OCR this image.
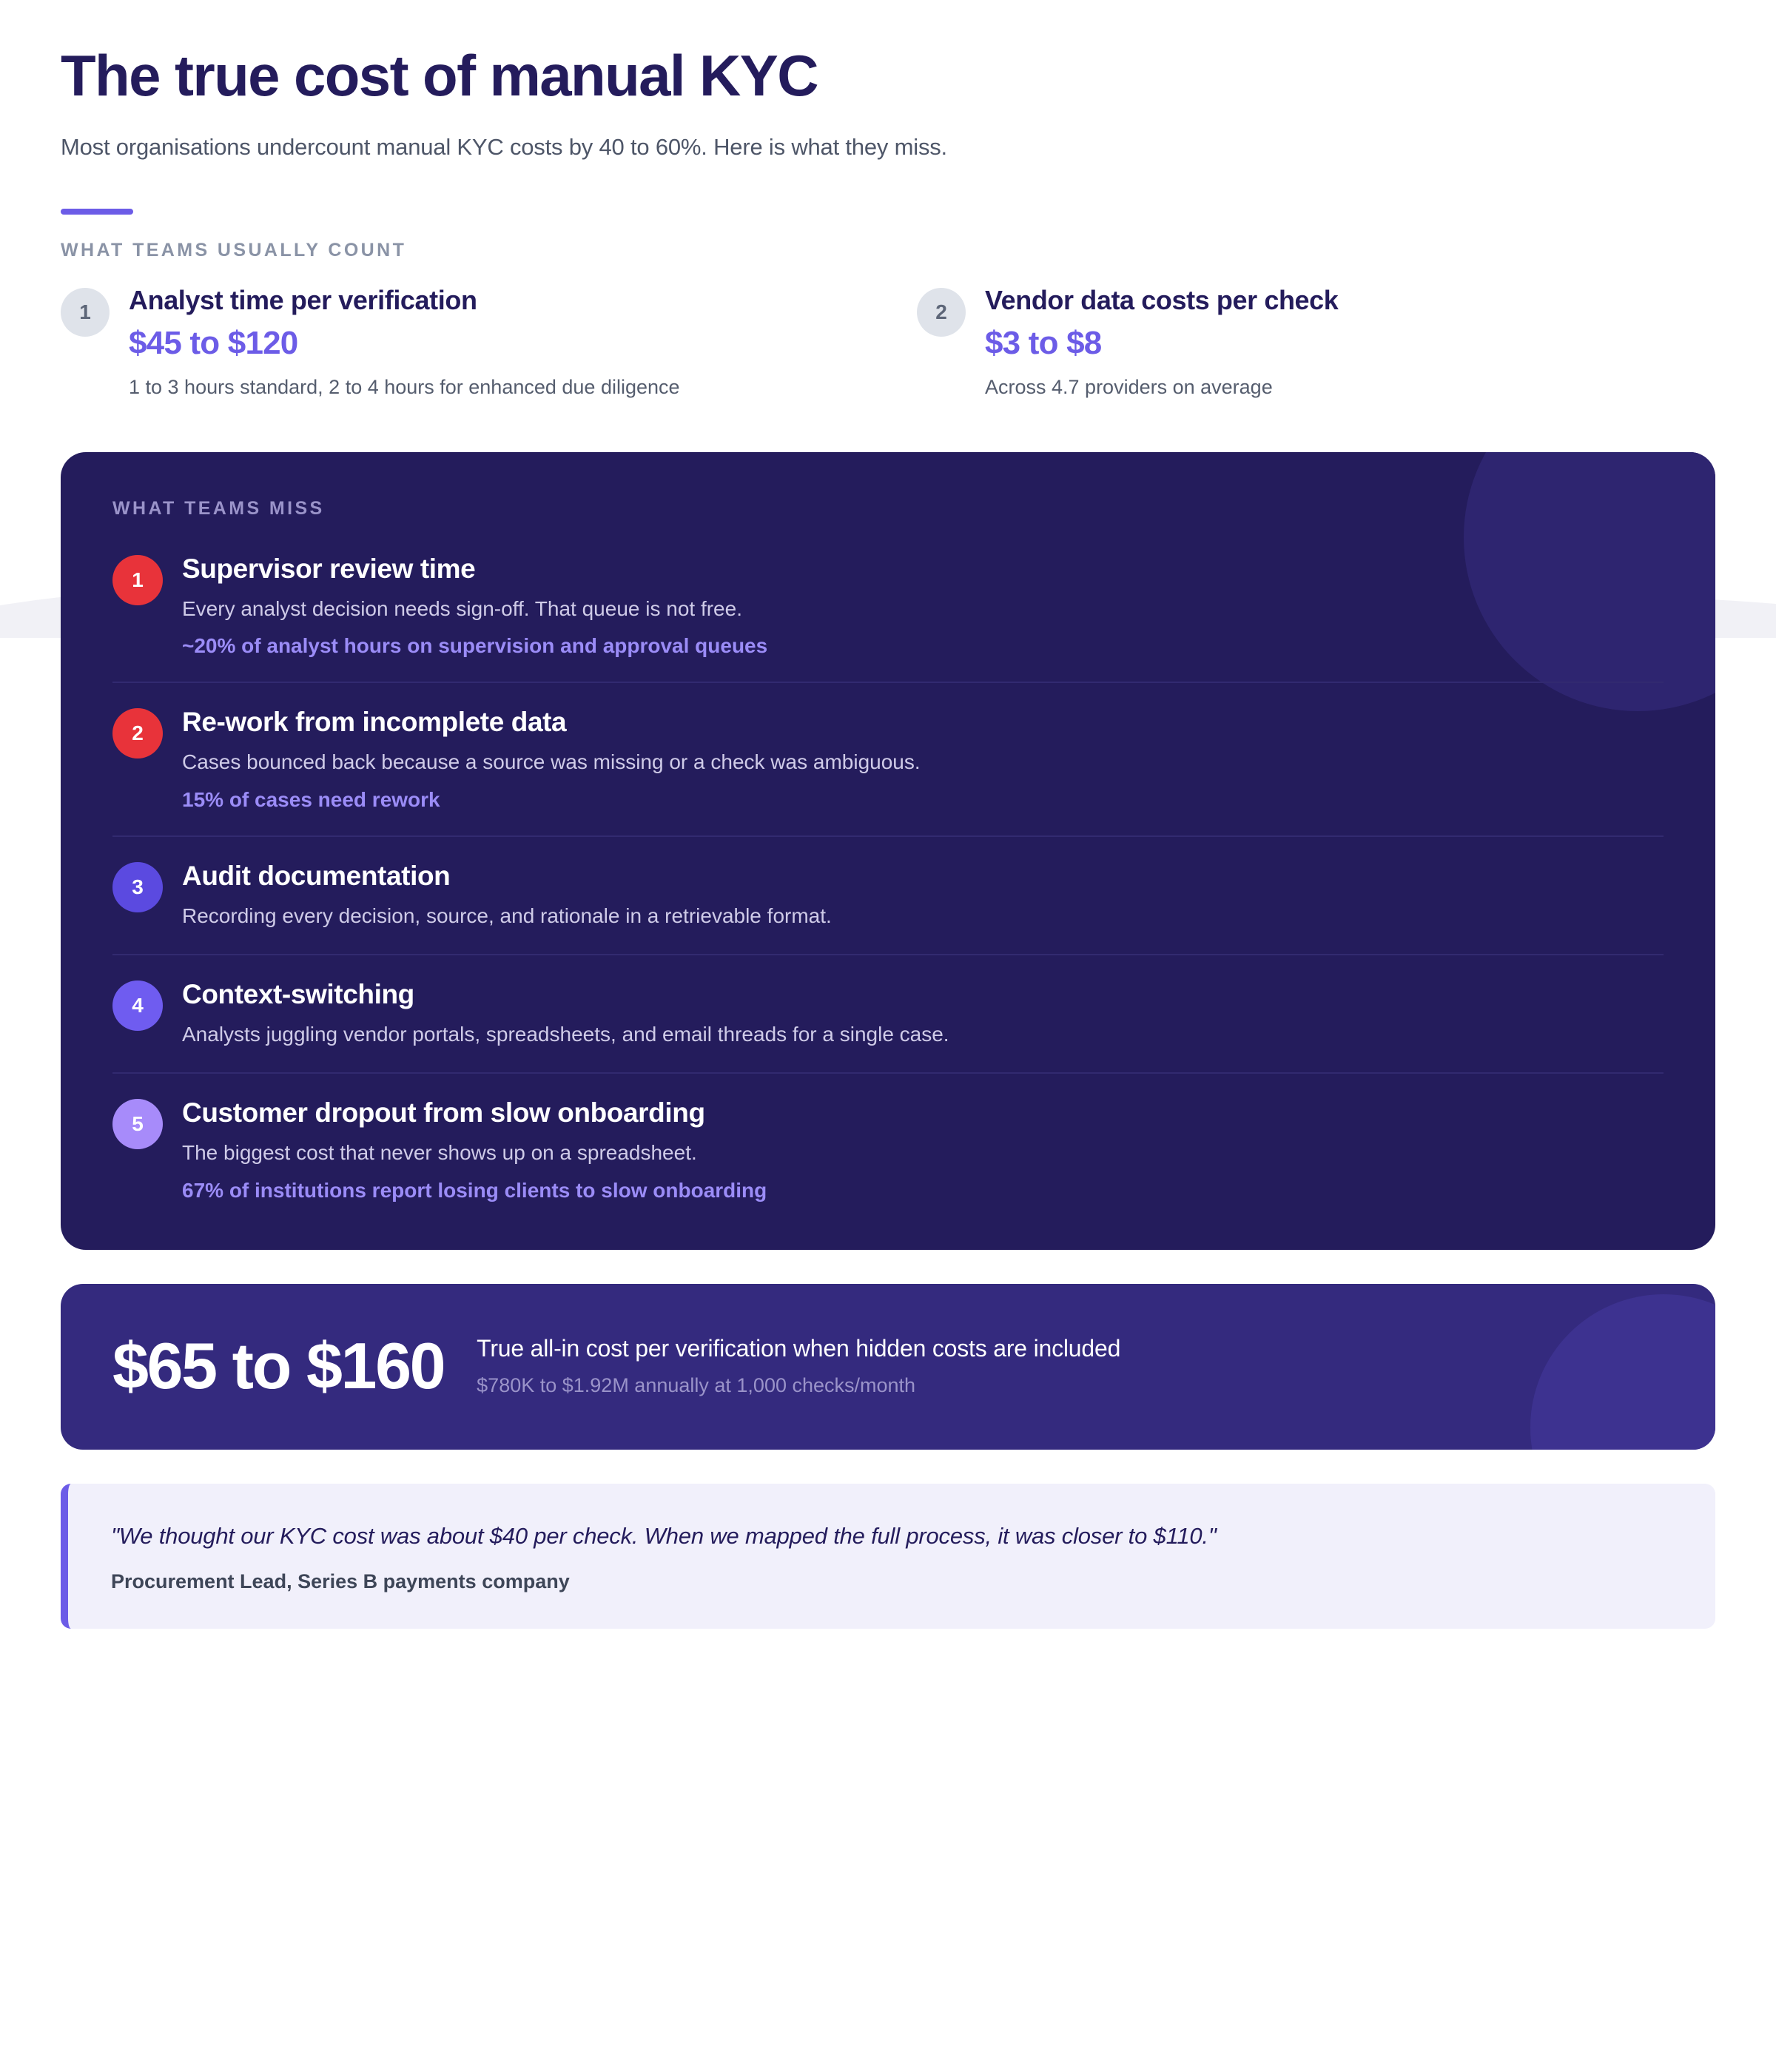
The true cost of manual KYC

Most organisations undercount manual KYC costs by 40 to 60%. Here is what they miss.

WHAT TEAMS USUALLY COUNT
1	Analyst time per verification
$45 to $120
1 to 3 hours standard, 2 to 4 hours for enhanced due diligence
2	Vendor data costs per check
$3 to $8
Across 4.7 providers on average
WHAT TEAMS MISS
1	Supervisor review time
Every analyst decision needs sign-off. That queue is not free.
~20% of analyst hours on supervision and approval queues
2	Re-work from incomplete data
Cases bounced back because a source was missing or a check was ambiguous.
15% of cases need rework
3	Audit documentation
Recording every decision, source, and rationale in a retrievable format.
4	Context-switching
Analysts juggling vendor portals, spreadsheets, and email threads for a single case.
5	Customer dropout from slow onboarding
The biggest cost that never shows up on a spreadsheet.
67% of institutions report losing clients to slow onboarding
$65 to $160 True all-in cost per verification when hidden costs are included
$780K to $1.92M annually at 1,000 checks/month
"We thought our KYC cost was about $40 per check. When we mapped the full process, it was closer to $110."
Procurement Lead, Series B payments company
